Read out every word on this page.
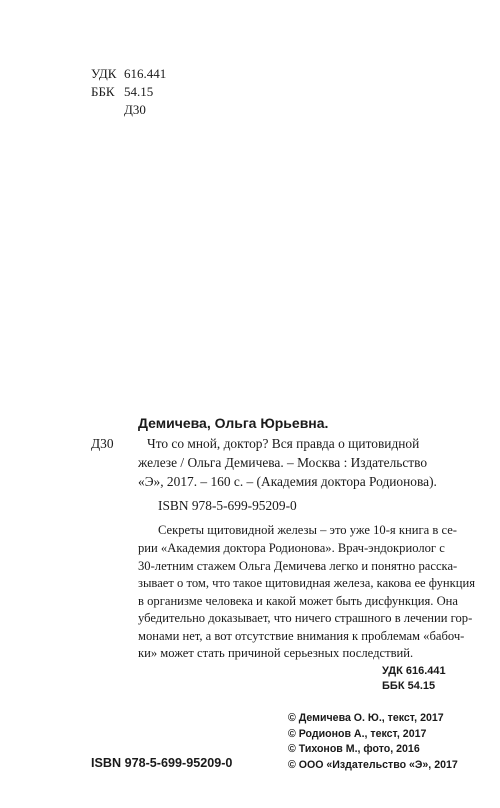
УДК 616.441
ББК 54.15
Д30
Демичева, Ольга Юрьевна.
Д30 Что со мной, доктор? Вся правда о щитовидной
железе / Ольга Демичева. – Москва : Издательство
«Э», 2017. – 160 с. – (Академия доктора Родионова).
ISBN 978-5-699-95209-0
Секреты щитовидной железы – это уже 10-я книга в се-
рии «Академия доктора Родионова». Врач-эндокриолог с
30-летним стажем Ольга Демичева легко и понятно расска-
зывает о том, что такое щитовидная железа, какова ее функция
в организме человека и какой может быть дисфункция. Она
убедительно доказывает, что ничего страшного в лечении гор-
монами нет, а вот отсутствие внимания к проблемам «бабоч-
ки» может стать причиной серьезных последствий.
УДК 616.441
ББК 54.15
© Демичева О. Ю., текст, 2017
© Родионов А., текст, 2017
© Тихонов М., фото, 2016
© ООО «Издательство «Э», 2017
ISBN 978-5-699-95209-0
